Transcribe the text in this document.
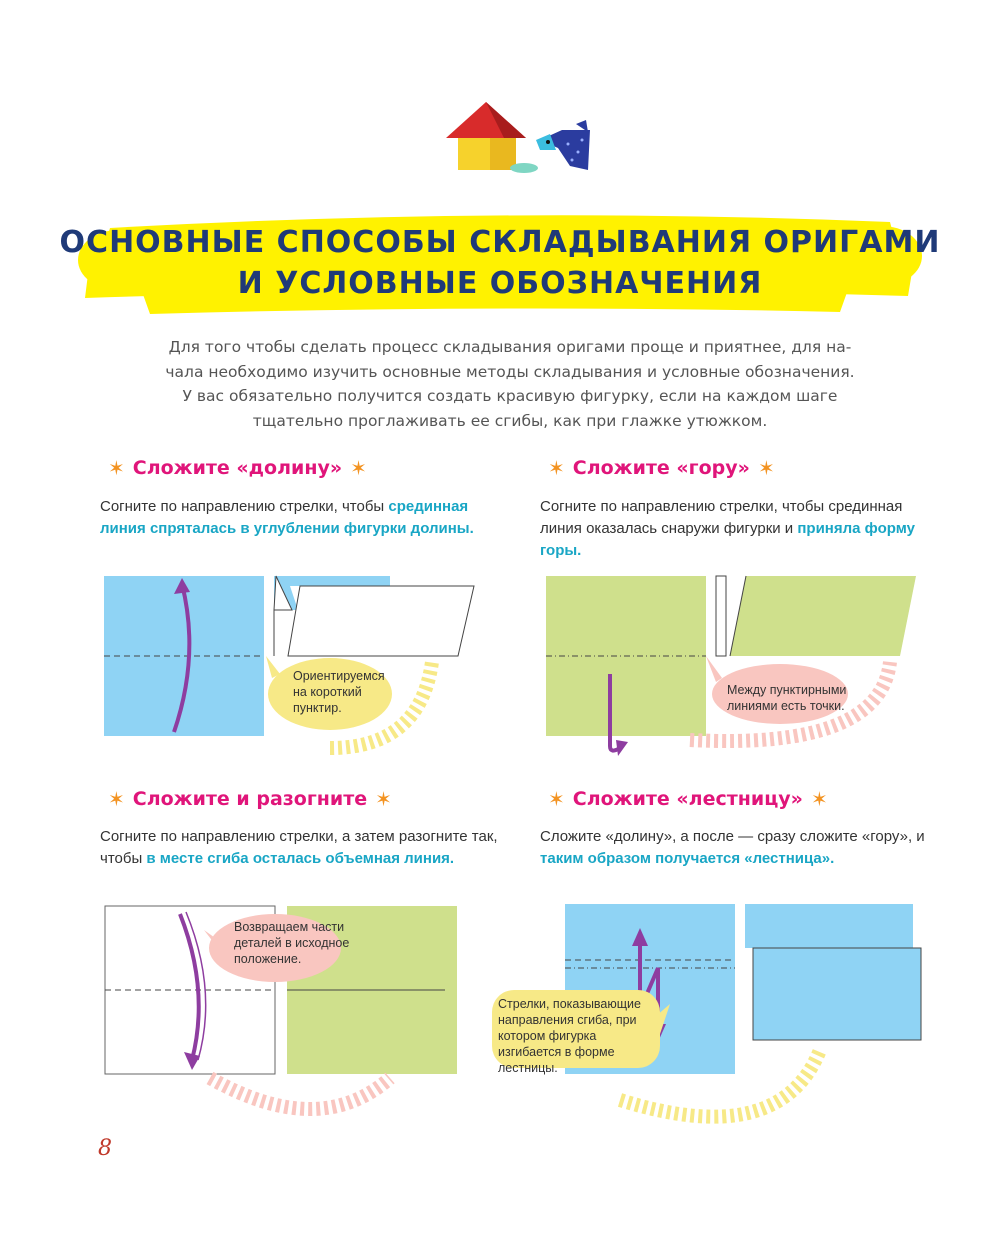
ОСНОВНЫЕ СПОСОБЫ СКЛАДЫВАНИЯ ОРИГАМИ
И УСЛОВНЫЕ ОБОЗНАЧЕНИЯ
Для того чтобы сделать процесс складывания оригами проще и приятнее, для на-
чала необходимо изучить основные методы складывания и условные обозначения.
У вас обязательно получится создать красивую фигурку, если на каждом шаге
тщательно проглаживать ее сгибы, как при глажке утюжком.
✶ Сложите «долину» ✶

Согните по направлению стрелки, чтобы срединная линия спряталась в углублении фигурки долины.

Ориентируемся на короткий пунктир.

✶ Сложите «гору» ✶

Согните по направлению стрелки, чтобы срединная линия оказалась снаружи фигурки и приняла форму горы.

Между пунктирными линиями есть точки.

✶ Сложите и разогните ✶

Согните по направлению стрелки, а затем разогните так, чтобы в месте сгиба осталась объемная линия.

Возвращаем части деталей в исходное положение.

✶ Сложите «лестницу» ✶

Сложите «долину», а после — сразу сложите «гору», и таким образом получается «лестница».

Стрелки, показывающие направления сгиба, при котором фигурка изгибается в форме лестницы.

8
